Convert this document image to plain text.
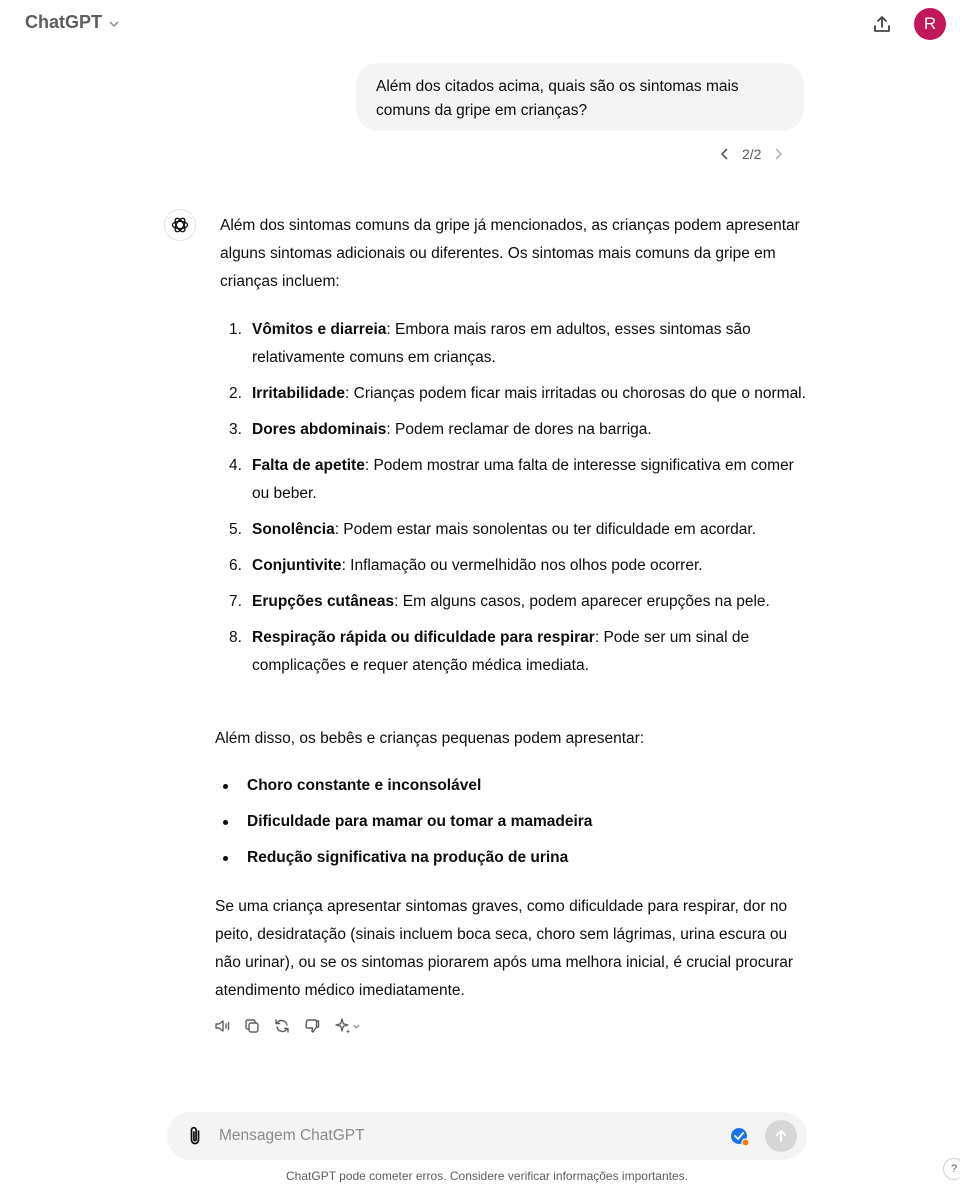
ChatGPT	R
Além dos citados acima, quais são os sintomas mais comuns da gripe em crianças?
2/2
Além dos sintomas comuns da gripe já mencionados, as crianças podem apresentar alguns sintomas adicionais ou diferentes. Os sintomas mais comuns da gripe em crianças incluem:
1. Vômitos e diarreia: Embora mais raros em adultos, esses sintomas são relativamente comuns em crianças.
2. Irritabilidade: Crianças podem ficar mais irritadas ou chorosas do que o normal.
3. Dores abdominais: Podem reclamar de dores na barriga.
4. Falta de apetite: Podem mostrar uma falta de interesse significativa em comer ou beber.
5. Sonolência: Podem estar mais sonolentas ou ter dificuldade em acordar.
6. Conjuntivite: Inflamação ou vermelhidão nos olhos pode ocorrer.
7. Erupções cutâneas: Em alguns casos, podem aparecer erupções na pele.
8. Respiração rápida ou dificuldade para respirar: Pode ser um sinal de complicações e requer atenção médica imediata.
Além disso, os bebês e crianças pequenas podem apresentar:
Choro constante e inconsolável
Dificuldade para mamar ou tomar a mamadeira
Redução significativa na produção de urina
Se uma criança apresentar sintomas graves, como dificuldade para respirar, dor no peito, desidratação (sinais incluem boca seca, choro sem lágrimas, urina escura ou não urinar), ou se os sintomas piorarem após uma melhora inicial, é crucial procurar atendimento médico imediatamente.
Mensagem ChatGPT
ChatGPT pode cometer erros. Considere verificar informações importantes.	?
